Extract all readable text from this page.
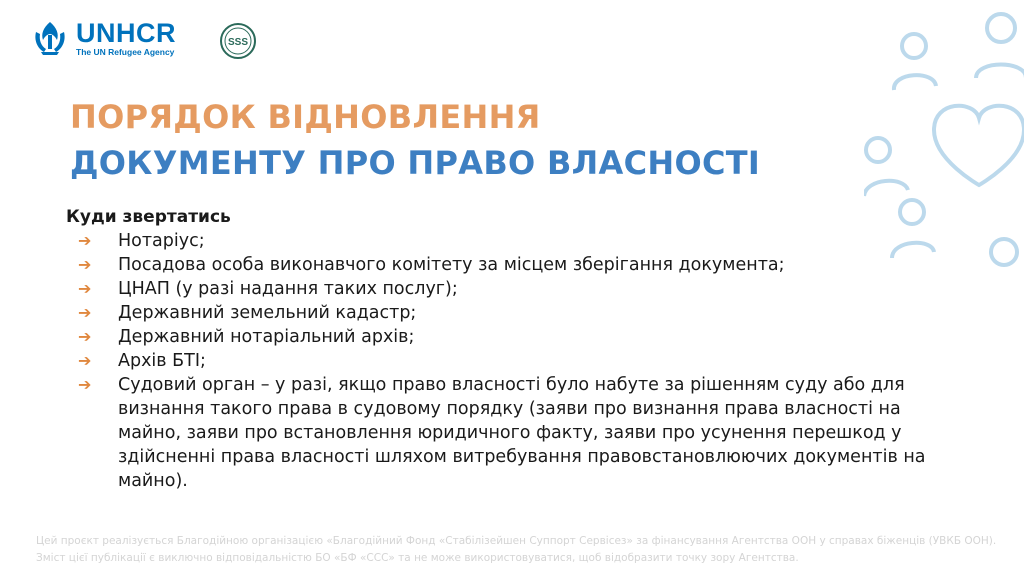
UNHCR
The UN Refugee Agency
SSS
ПОРЯДОК ВІДНОВЛЕННЯ
ДОКУМЕНТУ ПРО ПРАВО ВЛАСНОСТІ
Куди звертатись
➔	Нотаріус;
➔	Посадова особа виконавчого комітету за місцем зберігання документа;
➔	ЦНАП (у разі надання таких послуг);
➔	Державний земельний кадастр;
➔	Державний нотаріальний архів;
➔	Архів БТІ;
➔	Судовий орган – у разі, якщо право власності було набуте за рішенням суду або для визнання такого права в судовому порядку (заяви про визнання права власності на майно, заяви про встановлення юридичного факту, заяви про усунення перешкод у здійсненні права власності шляхом витребування правовстановлюючих документів на майно).
Цей проєкт реалізується Благодійною організацією «Благодійний Фонд «Стабілізейшен Суппорт Сервісез» за фінансування Агентства ООН у справах біженців (УВКБ ООН). Зміст цієї публікації є виключно відповідальністю БО «БФ «ССС» та не може використовуватися, щоб відобразити точку зору Агентства.
